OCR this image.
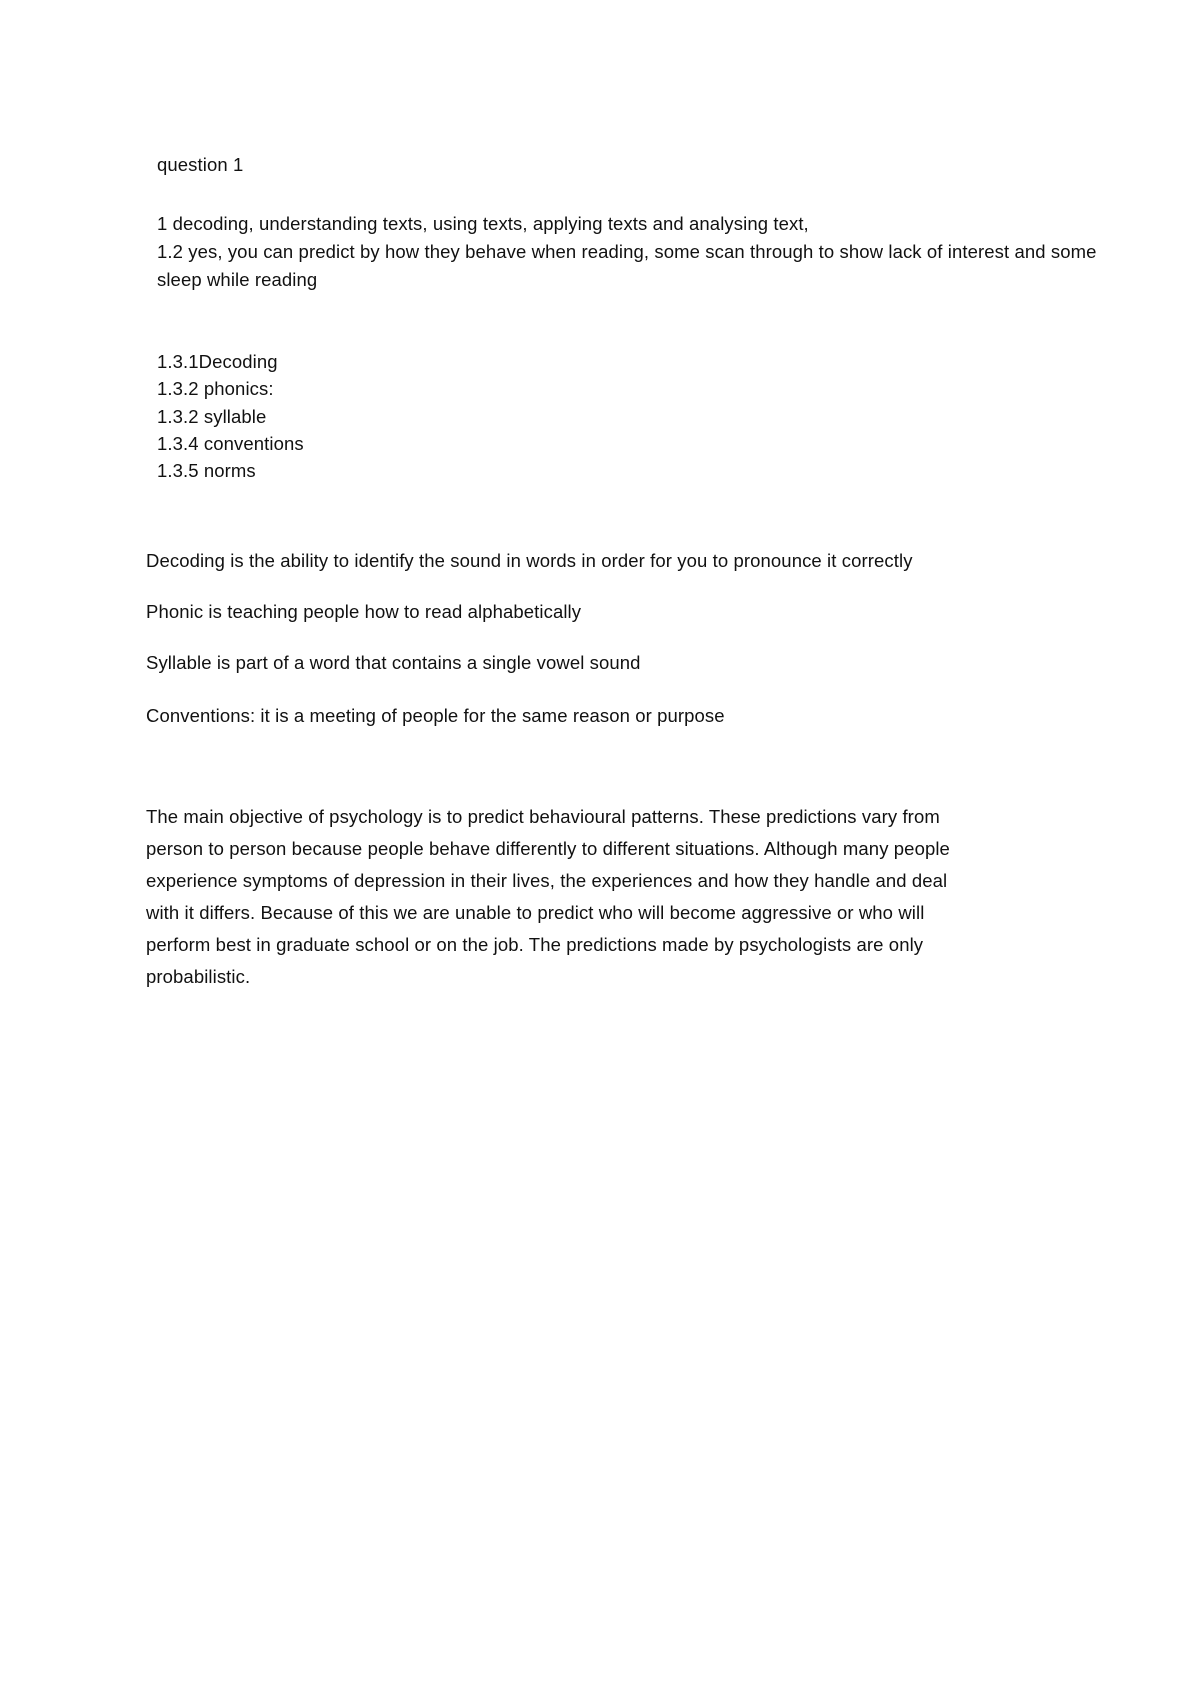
question 1
1 decoding, understanding texts, using texts, applying texts and analysing text,
1.2 yes, you can predict by how they behave when reading, some scan through to show lack of interest and some
sleep while reading
1.3.1Decoding
1.3.2 phonics:
1.3.2 syllable
1.3.4 conventions
1.3.5 norms
Decoding is the ability to identify the sound in words in order for you to pronounce it correctly
Phonic is teaching people how to read alphabetically
Syllable is part of a word that contains a single vowel sound
Conventions: it is a meeting of people for the same reason or purpose
The main objective of psychology is to predict behavioural patterns. These predictions vary from
person to person because people behave differently to different situations. Although many people
experience symptoms of depression in their lives, the experiences and how they handle and deal
with it differs. Because of this we are unable to predict who will become aggressive or who will
perform best in graduate school or on the job. The predictions made by psychologists are only
probabilistic.
